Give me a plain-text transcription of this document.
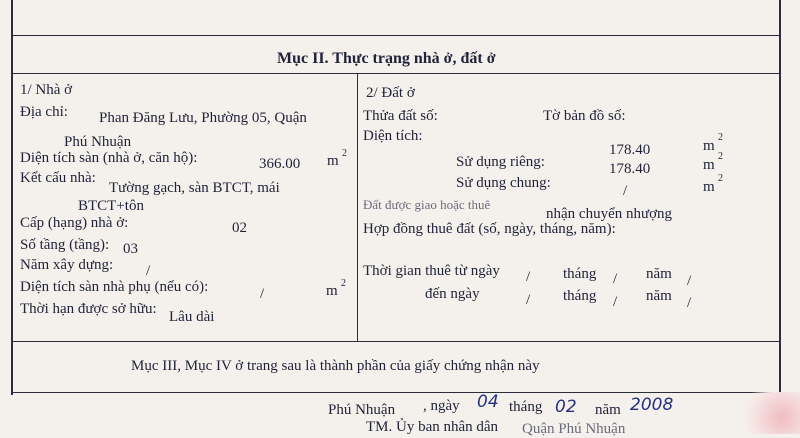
Mục II. Thực trạng nhà ở, đất ở
1/ Nhà ở
Địa chỉ: Phan Đăng Lưu, Phường 05, Quận
Phú Nhuận
Diện tích sàn (nhà ở, căn hộ):	366.00 m 2
Kết cấu nhà:
Tường gạch, sàn BTCT, mái
BTCT+tôn
Cấp (hạng) nhà ở:	02
Số tầng (tầng): 03
Năm xây dựng: /
Diện tích sàn nhà phụ (nếu có):	/	m 2
Thời hạn được sở hữu: Lâu dài
2/ Đất ở
Thửa đất số:	Tờ bản đồ số:
Diện tích:
178.40	m
2
Sử dụng riêng:	178.40	m
2
Sử dụng chung:	/	m
2
Đất được giao hoặc thuê
nhận chuyển nhượng
Hợp đồng thuê đất (số, ngày, tháng, năm):
Thời gian thuê từ ngày / tháng / năm /
đến ngày	/ tháng / năm /
Mục III, Mục IV ở trang sau là thành phần của giấy chứng nhận này
Phú Nhuận , ngày 04 tháng 02 năm 2008
TM. Ủy ban nhân dân Quận Phú Nhuận
